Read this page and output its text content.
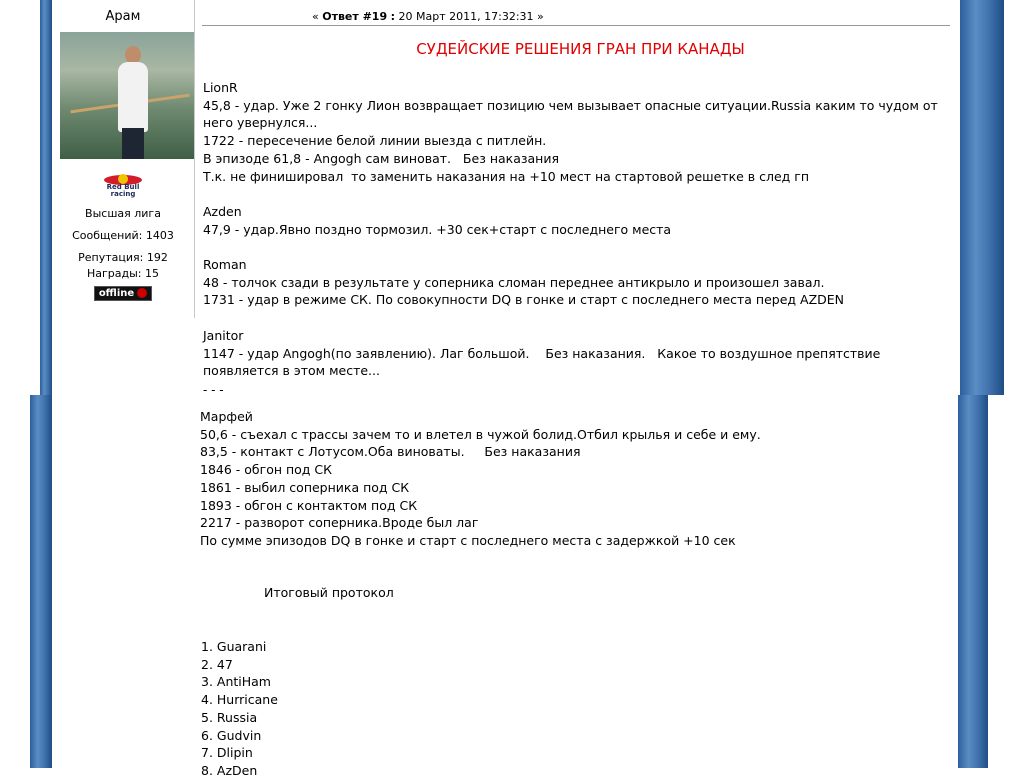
Арам
Red Bull racing
Высшая лига
Сообщений: 1403
Репутация: 192
Награды: 15
offline
« Ответ #19 : 20 Март 2011, 17:32:31 »
СУДЕЙСКИЕ РЕШЕНИЯ ГРАН ПРИ КАНАДЫ
LionR
45,8 - удар. Уже 2 гонку Лион возвращает позицию чем вызывает опасные ситуации.Russia каким то чудом от него увернулся...
1722 - пересечение белой линии выезда с питлейн.
В эпизоде 61,8 - Angogh сам виноват.   Без наказания
Т.к. не финишировал  то заменить наказания на +10 мест на стартовой решетке в след гп

Azden
47,9 - удар.Явно поздно тормозил. +30 сек+старт с последнего места

Roman
48 - толчок сзади в результате у соперника сломан переднее антикрыло и произошел завал.
1731 - удар в режиме СК. По совокупности DQ в гонке и старт с последнего места перед AZDEN

Janitor
1147 - удар Angogh(по заявлению). Лаг большой.    Без наказания.   Какое то воздушное препятствие появляется в этом месте...
- - -
Марфей
50,6 - съехал с трассы зачем то и влетел в чужой болид.Отбил крылья и себе и ему.
83,5 - контакт с Лотусом.Оба виноваты.     Без наказания
1846 - обгон под СК
1861 - выбил соперника под СК
1893 - обгон с контактом под СК
2217 - разворот соперника.Вроде был лаг
По сумме эпизодов DQ в гонке и старт с последнего места с задержкой +10 сек
Итоговый протокол
1. Guarani
2. 47
3. AntiHam
4. Hurricane
5. Russia
6. Gudvin
7. Dlipin
8. AzDen
